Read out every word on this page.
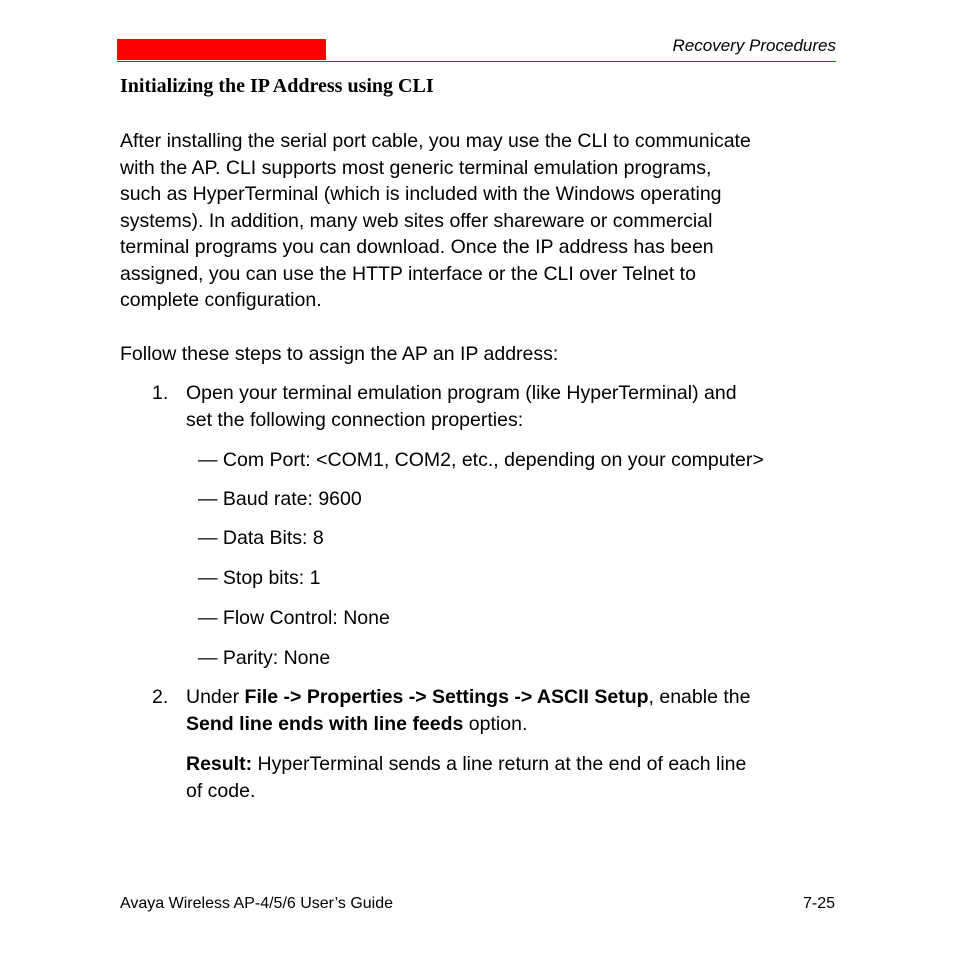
Recovery Procedures
Initializing the IP Address using CLI
After installing the serial port cable, you may use the CLI to communicate
with the AP. CLI supports most generic terminal emulation programs,
such as HyperTerminal (which is included with the Windows operating
systems). In addition, many web sites offer shareware or commercial
terminal programs you can download. Once the IP address has been
assigned, you can use the HTTP interface or the CLI over Telnet to
complete configuration.
Follow these steps to assign the AP an IP address:
1. Open your terminal emulation program (like HyperTerminal) and
set the following connection properties:
— Com Port: <COM1, COM2, etc., depending on your computer>
— Baud rate: 9600
— Data Bits: 8
— Stop bits: 1
— Flow Control: None
— Parity: None
2. Under File -> Properties -> Settings -> ASCII Setup, enable the
Send line ends with line feeds option.
Result: HyperTerminal sends a line return at the end of each line
of code.
Avaya Wireless AP-4/5/6 User’s Guide	7-25
